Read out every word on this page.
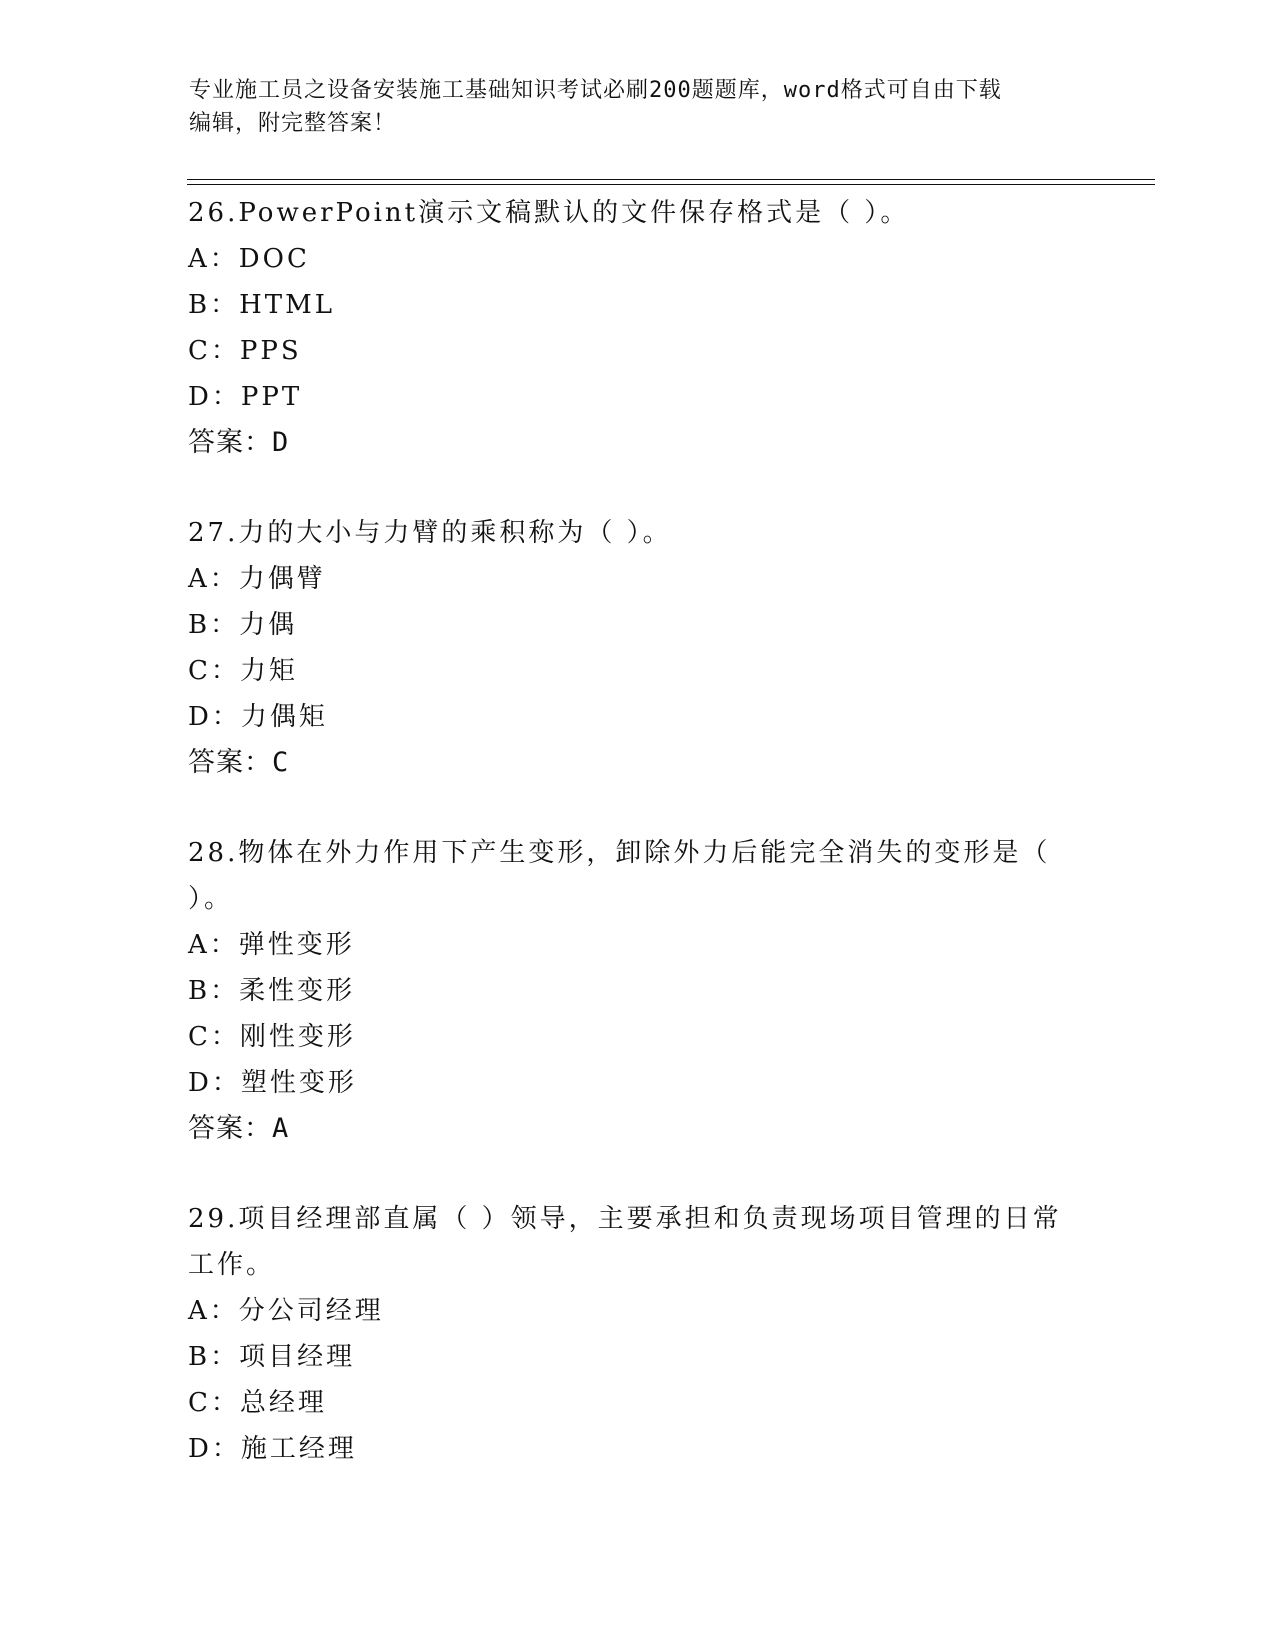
专业施工员之设备安装施工基础知识考试必刷200题题库，word格式可自由下载
编辑，附完整答案！
26.PowerPoint演示文稿默认的文件保存格式是（ ）。
A：DOC
B：HTML
C：PPS
D：PPT
答案：D
27.力的大小与力臂的乘积称为（ ）。
A：力偶臂
B：力偶
C：力矩
D：力偶矩
答案：C
28.物体在外力作用下产生变形，卸除外力后能完全消失的变形是（
）。
A：弹性变形
B：柔性变形
C：刚性变形
D：塑性变形
答案：A
29.项目经理部直属（ ）领导，主要承担和负责现场项目管理的日常
工作。
A：分公司经理
B：项目经理
C：总经理
D：施工经理
